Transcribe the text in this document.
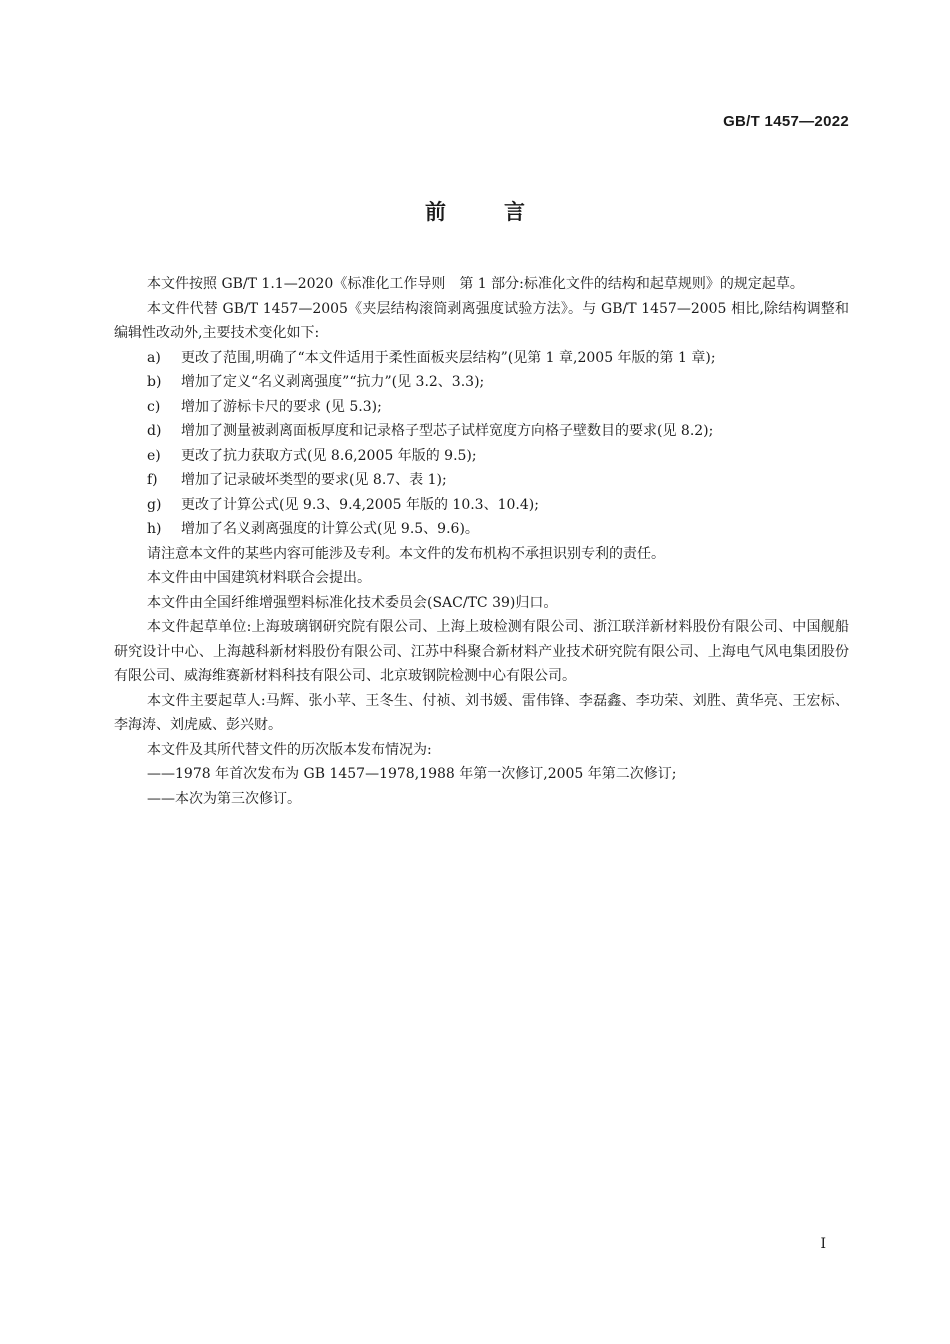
GB/T 1457—2022
前言

本文件按照 GB/T 1.1—2020《标准化工作导则　第 1 部分:标准化文件的结构和起草规则》的规定起草。

本文件代替 GB/T 1457—2005《夹层结构滚筒剥离强度试验方法》。与 GB/T 1457—2005 相比,除结构调整和编辑性改动外,主要技术变化如下:

a) 更改了范围,明确了“本文件适用于柔性面板夹层结构”(见第 1 章,2005 年版的第 1 章);

b) 增加了定义“名义剥离强度”“抗力”(见 3.2、3.3);

c) 增加了游标卡尺的要求 (见 5.3);

d) 增加了测量被剥离面板厚度和记录格子型芯子试样宽度方向格子壁数目的要求(见 8.2);

e) 更改了抗力获取方式(见 8.6,2005 年版的 9.5);

f) 增加了记录破坏类型的要求(见 8.7、表 1);

g) 更改了计算公式(见 9.3、9.4,2005 年版的 10.3、10.4);

h) 增加了名义剥离强度的计算公式(见 9.5、9.6)。

请注意本文件的某些内容可能涉及专利。本文件的发布机构不承担识别专利的责任。

本文件由中国建筑材料联合会提出。

本文件由全国纤维增强塑料标准化技术委员会(SAC/TC 39)归口。

本文件起草单位:上海玻璃钢研究院有限公司、上海上玻检测有限公司、浙江联洋新材料股份有限公司、中国舰船研究设计中心、上海越科新材料股份有限公司、江苏中科聚合新材料产业技术研究院有限公司、上海电气风电集团股份有限公司、威海维赛新材料科技有限公司、北京玻钢院检测中心有限公司。

本文件主要起草人:马辉、张小苹、王冬生、付祯、刘书媛、雷伟锋、李磊鑫、李功荣、刘胜、黄华亮、王宏标、李海涛、刘虎威、彭兴财。

本文件及其所代替文件的历次版本发布情况为:

——1978 年首次发布为 GB 1457—1978,1988 年第一次修订,2005 年第二次修订;

——本次为第三次修订。

I
